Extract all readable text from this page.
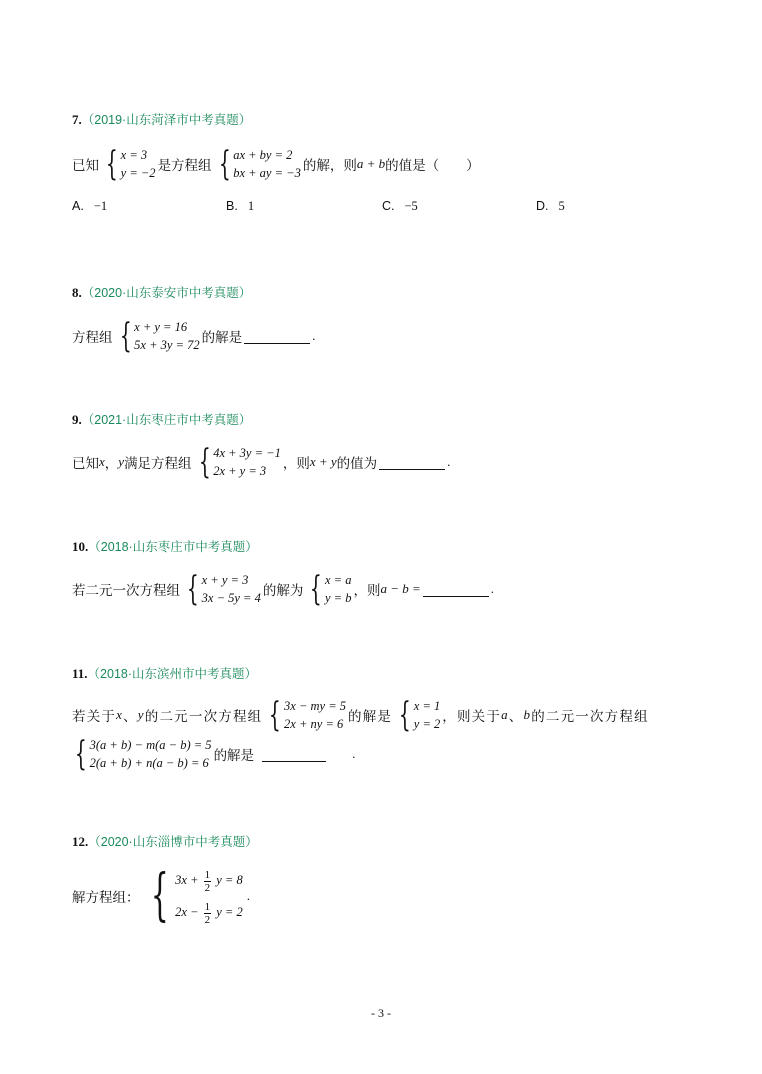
7.（2019·山东菏泽市中考真题）
已知 { x = 3
y = −2 是方程组 { ax + by = 2
bx + ay = −3 的解，则 a + b 的值是（　　）
A. −1	B. 1	C. −5	D. 5
8.（2020·山东泰安市中考真题）
方程组 { x + y = 16
5x + 3y = 72 的解是	.
9.（2021·山东枣庄市中考真题）
已知 x ， y 满足方程组 { 4x + 3y = −1
2x + y = 3	，则 x + y 的值为	.
10.（2018·山东枣庄市中考真题）
若二元一次方程组 { x + y = 3
3x − 5y = 4 的解为 { x = a
y = b ，则 a − b =	.
11.（2018·山东滨州市中考真题）
若关于 x 、 y 的二元一次方程组 { 3x − my = 5
2x + ny = 6 的解是 { x = 1
y = 2 ，则关于 a 、 b 的二元一次方程组
{ 3(a + b) − m(a − b) = 5
2(a + b) + n(a − b) = 6 的解是	.
12.（2020·山东淄博市中考真题）
解方程组： { $3x + \frac{1}{2}$ y = 8
$2x - \frac{1}{2}$ y = 2
.
- 3 -
